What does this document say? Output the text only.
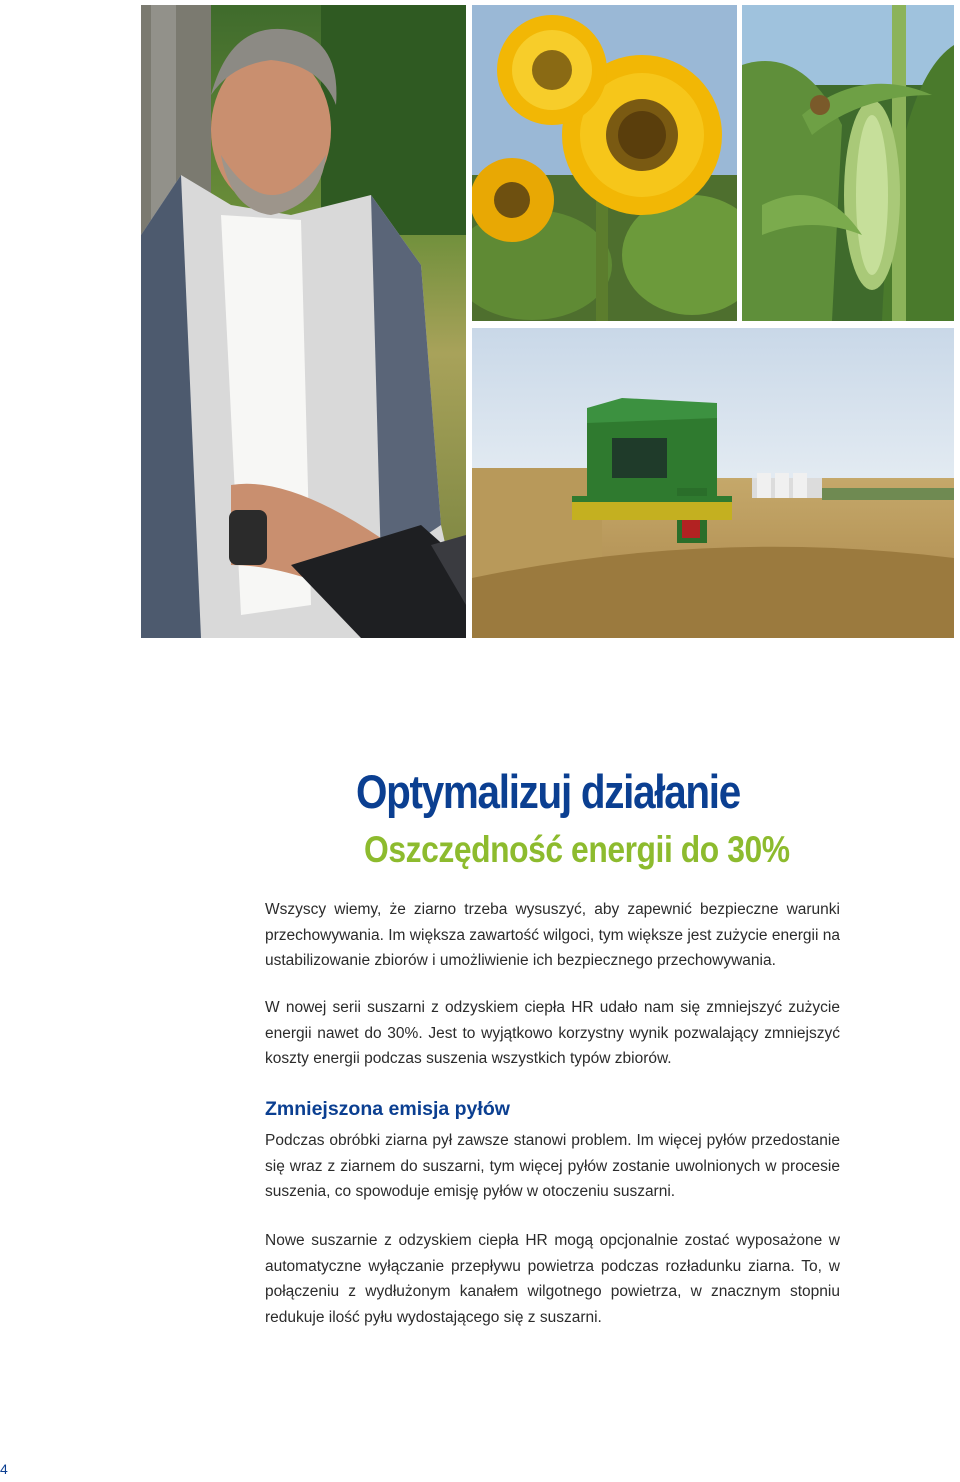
Optymalizuj działanie
Oszczędność energii do 30%

Wszyscy wiemy, że ziarno trzeba wysuszyć, aby zapewnić bezpieczne warunki przechowywania. Im większa zawartość wilgoci, tym większe jest zużycie energii na ustabilizowanie zbiorów i umożliwienie ich bezpiecznego przechowywania.

W nowej serii suszarni z odzyskiem ciepła HR udało nam się zmniejszyć zużycie energii nawet do 30%. Jest to wyjątkowo korzystny wynik pozwalający zmniejszyć koszty energii podczas suszenia wszystkich typów zbiorów.

Zmniejszona emisja pyłów

Podczas obróbki ziarna pył zawsze stanowi problem. Im więcej pyłów przedostanie się wraz z ziarnem do suszarni, tym więcej pyłów zostanie uwolnionych w procesie suszenia, co spowoduje emisję pyłów w otoczeniu suszarni.

Nowe suszarnie z odzyskiem ciepła HR mogą opcjonalnie zostać wyposażone w automatyczne wyłączanie przepływu powietrza podczas rozładunku ziarna. To, w połączeniu z wydłużonym kanałem wilgotnego powietrza, w znacznym stopniu redukuje ilość pyłu wydostającego się z suszarni.

4
